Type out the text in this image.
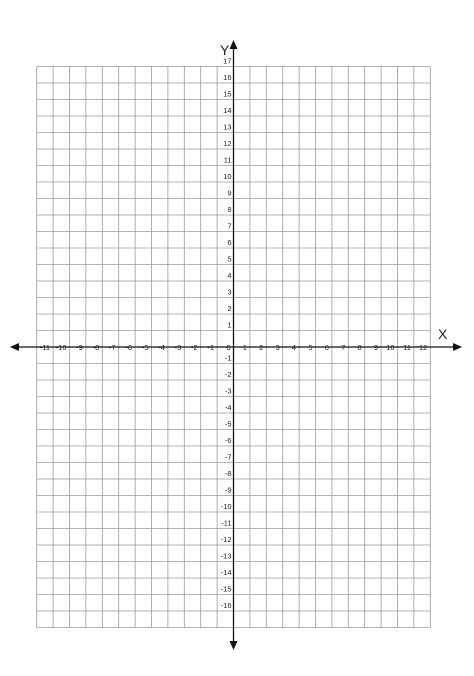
-11 -10 -9 -8 -7 -6 -5 -4 -3 -2 -1 0 1 2 3 4 5 6 7 8 9 10 11 12
17
16
15
14
13
12
11
10
9
8
7
6
5
4
3
2
1
-1
-2
-3
-4
-5
-6
-7
-8
-9
-10
-11
-12
-13
-14
-15
-16
X
Y
